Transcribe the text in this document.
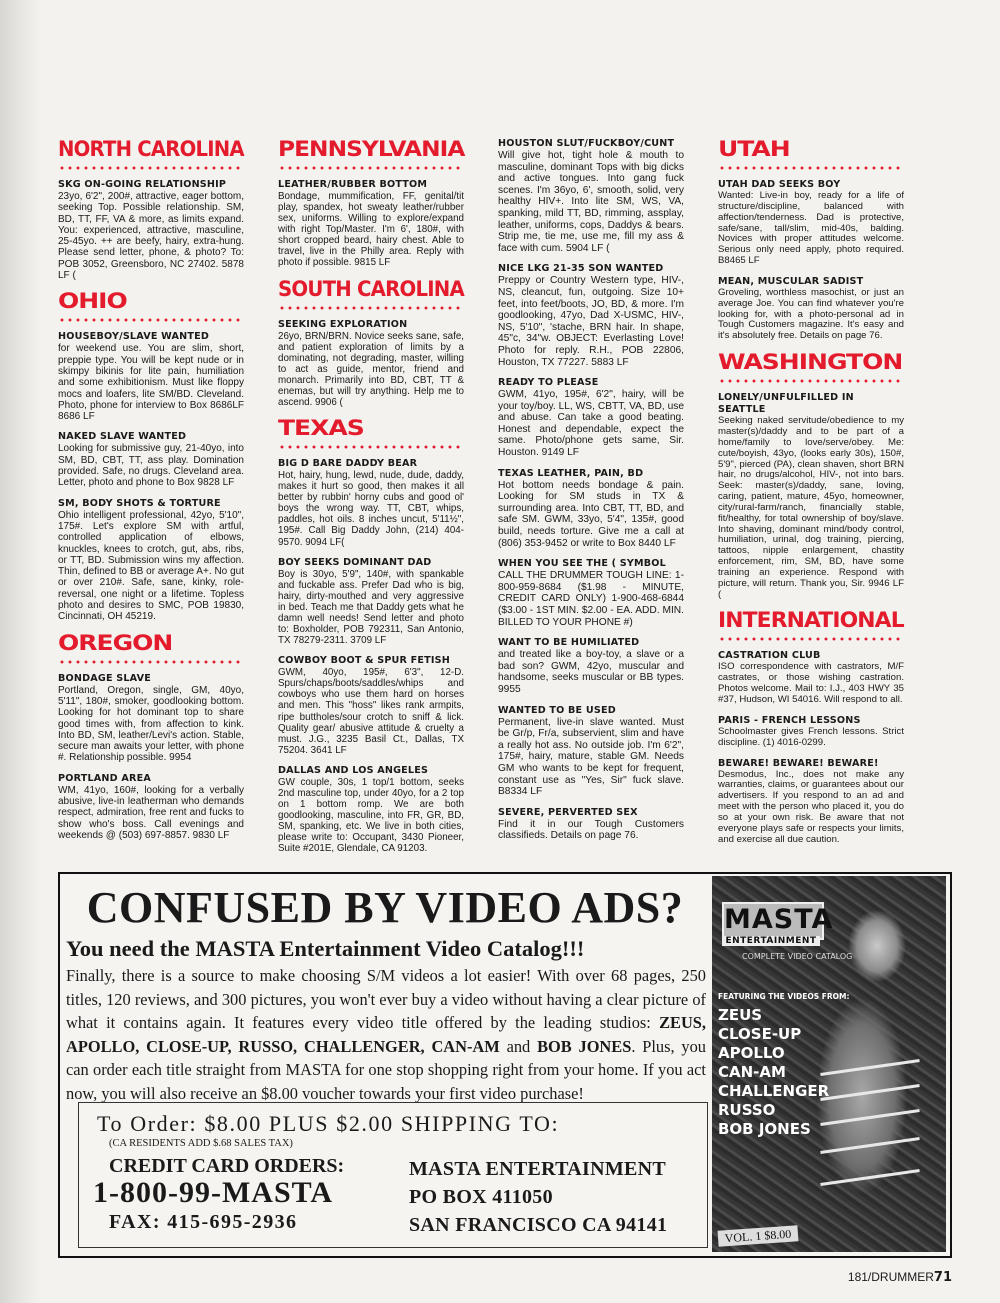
NORTH CAROLINA
SKG ON-GOING RELATIONSHIP
23yo, 6'2", 200#, attractive, eager bottom, seeking Top. Possible relationship. SM, BD, TT, FF, VA & more, as limits expand. You: experienced, attractive, masculine, 25-45yo. ++ are beefy, hairy, extra-hung. Please send letter, phone, & photo? To: POB 3052, Greensboro, NC 27402. 5878 LF (
OHIO
HOUSEBOY/SLAVE WANTED
for weekend use. You are slim, short, preppie type. You will be kept nude or in skimpy bikinis for lite pain, humiliation and some exhibitionism. Must like floppy mocs and loafers, lite SM/BD. Cleveland. Photo, phone for interview to Box 8686LF 8686 LF
NAKED SLAVE WANTED
Looking for submissive guy, 21-40yo, into SM, BD, CBT, TT, ass play. Domination provided. Safe, no drugs. Cleveland area. Letter, photo and phone to Box 9828 LF
SM, BODY SHOTS & TORTURE
Ohio intelligent professional, 42yo, 5'10", 175#. Let's explore SM with artful, controlled application of elbows, knuckles, knees to crotch, gut, abs, ribs, or TT, BD. Submission wins my affection. Thin, defined to BB or average A+. No gut or over 210#. Safe, sane, kinky, role-reversal, one night or a lifetime. Topless photo and desires to SMC, POB 19830, Cincinnati, OH 45219.
OREGON
BONDAGE SLAVE
Portland, Oregon, single, GM, 40yo, 5'11", 180#, smoker, goodlooking bottom. Looking for hot dominant top to share good times with, from affection to kink. Into BD, SM, leather/Levi's action. Stable, secure man awaits your letter, with phone #. Relationship possible. 9954
PORTLAND AREA
WM, 41yo, 160#, looking for a verbally abusive, live-in leatherman who demands respect, admiration, free rent and fucks to show who's boss. Call evenings and weekends @ (503) 697-8857. 9830 LF
PENNSYLVANIA
LEATHER/RUBBER BOTTOM
Bondage, mummification, FF, genital/tit play, spandex, hot sweaty leather/rubber sex, uniforms. Willing to explore/expand with right Top/Master. I'm 6', 180#, with short cropped beard, hairy chest. Able to travel, live in the Philly area. Reply with photo if possible. 9815 LF
SOUTH CAROLINA
SEEKING EXPLORATION
26yo, BRN/BRN. Novice seeks sane, safe, and patient exploration of limits by a dominating, not degrading, master, willing to act as guide, mentor, friend and monarch. Primarily into BD, CBT, TT & enemas, but will try anything. Help me to ascend. 9906 (
TEXAS
BIG D BARE DADDY BEAR
Hot, hairy, hung, lewd, nude, dude, daddy, makes it hurt so good, then makes it all better by rubbin' horny cubs and good ol' boys the wrong way. TT, CBT, whips, paddles, hot oils. 8 inches uncut, 5'11½", 195#. Call Big Daddy John, (214) 404-9570. 9094 LF(
BOY SEEKS DOMINANT DAD
Boy is 30yo, 5'9", 140#, with spankable and fuckable ass. Prefer Dad who is big, hairy, dirty-mouthed and very aggressive in bed. Teach me that Daddy gets what he damn well needs! Send letter and photo to: Boxholder, POB 792311, San Antonio, TX 78279-2311. 3709 LF
COWBOY BOOT & SPUR FETISH
GWM, 40yo, 195#, 6'3", 12-D. Spurs/chaps/boots/saddles/whips and cowboys who use them hard on horses and men. This "hoss" likes rank armpits, ripe buttholes/sour crotch to sniff & lick. Quality gear/ abusive attitude & cruelty a must. J.G., 3235 Basil Ct., Dallas, TX 75204. 3641 LF
DALLAS AND LOS ANGELES
GW couple, 30s, 1 top/1 bottom, seeks 2nd masculine top, under 40yo, for a 2 top on 1 bottom romp. We are both goodlooking, masculine, into FR, GR, BD, SM, spanking, etc. We live in both cities, please write to: Occupant, 3430 Pioneer, Suite #201E, Glendale, CA 91203.
HOUSTON SLUT/FUCKBOY/CUNT
Will give hot, tight hole & mouth to masculine, dominant Tops with big dicks and active tongues. Into gang fuck scenes. I'm 36yo, 6', smooth, solid, very healthy HIV+. Into lite SM, WS, VA, spanking, mild TT, BD, rimming, assplay, leather, uniforms, cops, Daddys & bears. Strip me, tie me, use me, fill my ass & face with cum. 5904 LF (
NICE LKG 21-35 SON WANTED
Preppy or Country Western type, HIV-, NS, cleancut, fun, outgoing. Size 10+ feet, into feet/boots, JO, BD, & more. I'm goodlooking, 47yo, Dad X-USMC, HIV-, NS, 5'10", 'stache, BRN hair. In shape, 45"c, 34"w. OBJECT: Everlasting Love! Photo for reply. R.H., POB 22806, Houston, TX 77227. 5883 LF
READY TO PLEASE
GWM, 41yo, 195#, 6'2", hairy, will be your toy/boy. LL, WS, CBTT, VA, BD, use and abuse. Can take a good beating. Honest and dependable, expect the same. Photo/phone gets same, Sir. Houston. 9149 LF
TEXAS LEATHER, PAIN, BD
Hot bottom needs bondage & pain. Looking for SM studs in TX & surrounding area. Into CBT, TT, BD, and safe SM. GWM, 33yo, 5'4", 135#, good build, needs torture. Give me a call at (806) 353-9452 or write to Box 8440 LF
WHEN YOU SEE THE ( SYMBOL
CALL THE DRUMMER TOUGH LINE: 1-800-959-8684 ($1.98 - MINUTE, CREDIT CARD ONLY) 1-900-468-6844 ($3.00 - 1ST MIN. $2.00 - EA. ADD. MIN. BILLED TO YOUR PHONE #)
WANT TO BE HUMILIATED
and treated like a boy-toy, a slave or a bad son? GWM, 42yo, muscular and handsome, seeks muscular or BB types. 9955
WANTED TO BE USED
Permanent, live-in slave wanted. Must be Gr/p, Fr/a, subservient, slim and have a really hot ass. No outside job. I'm 6'2", 175#, hairy, mature, stable GM. Needs GM who wants to be kept for frequent, constant use as "Yes, Sir" fuck slave. B8334 LF
SEVERE, PERVERTED SEX
Find it in our Tough Customers classifieds. Details on page 76.
UTAH
UTAH DAD SEEKS BOY
Wanted: Live-in boy, ready for a life of structure/discipline, balanced with affection/tenderness. Dad is protective, safe/sane, tall/slim, mid-40s, balding. Novices with proper attitudes welcome. Serious only need apply, photo required. B8465 LF
MEAN, MUSCULAR SADIST
Groveling, worthless masochist, or just an average Joe. You can find whatever you're looking for, with a photo-personal ad in Tough Customers magazine. It's easy and it's absolutely free. Details on page 76.
WASHINGTON
LONELY/UNFULFILLED IN SEATTLE
Seeking naked servitude/obedience to my master(s)/daddy and to be part of a home/family to love/serve/obey. Me: cute/boyish, 43yo, (looks early 30s), 150#, 5'9", pierced (PA), clean shaven, short BRN hair, no drugs/alcohol, HIV-, not into bars. Seek: master(s)/daddy, sane, loving, caring, patient, mature, 45yo, homeowner, city/rural-farm/ranch, financially stable, fit/healthy, for total ownership of boy/slave. Into shaving, dominant mind/body control, humiliation, urinal, dog training, piercing, tattoos, nipple enlargement, chastity enforcement, rim, SM, BD, have some training an experience. Respond with picture, will return. Thank you, Sir. 9946 LF (
INTERNATIONAL
CASTRATION CLUB
ISO correspondence with castrators, M/F castrates, or those wishing castration. Photos welcome. Mail to: I.J., 403 HWY 35 #37, Hudson, WI 54016. Will respond to all.
PARIS - FRENCH LESSONS
Schoolmaster gives French lessons. Strict discipline. (1) 4016-0299.
BEWARE! BEWARE! BEWARE!
Desmodus, Inc., does not make any warranties, claims, or guarantees about our advertisers. If you respond to an ad and meet with the person who placed it, you do so at your own risk. Be aware that not everyone plays safe or respects your limits, and exercise all due caution.
CONFUSED BY VIDEO ADS?
You need the MASTA Entertainment Video Catalog!!!
Finally, there is a source to make choosing S/M videos a lot easier! With over 68 pages, 250 titles, 120 reviews, and 300 pictures, you won't ever buy a video without having a clear picture of what it contains again. It features every video title offered by the leading studios: ZEUS, APOLLO, CLOSE-UP, RUSSO, CHALLENGER, CAN-AM and BOB JONES. Plus, you can order each title straight from MASTA for one stop shopping right from your home. If you act now, you will also receive an $8.00 voucher towards your first video purchase!
To Order: $8.00 PLUS $2.00 SHIPPING TO:
(CA RESIDENTS ADD $.68 SALES TAX)
CREDIT CARD ORDERS:
1-800-99-MASTA
FAX: 415-695-2936
MASTA ENTERTAINMENT
PO BOX 411050
SAN FRANCISCO CA 94141
MASTA
ENTERTAINMENT
COMPLETE VIDEO CATALOG
FEATURING THE VIDEOS FROM:
ZEUS
CLOSE-UP
APOLLO
CAN-AM
CHALLENGER
RUSSO
BOB JONES
VOL. 1 $8.00
181/DRUMMER71
